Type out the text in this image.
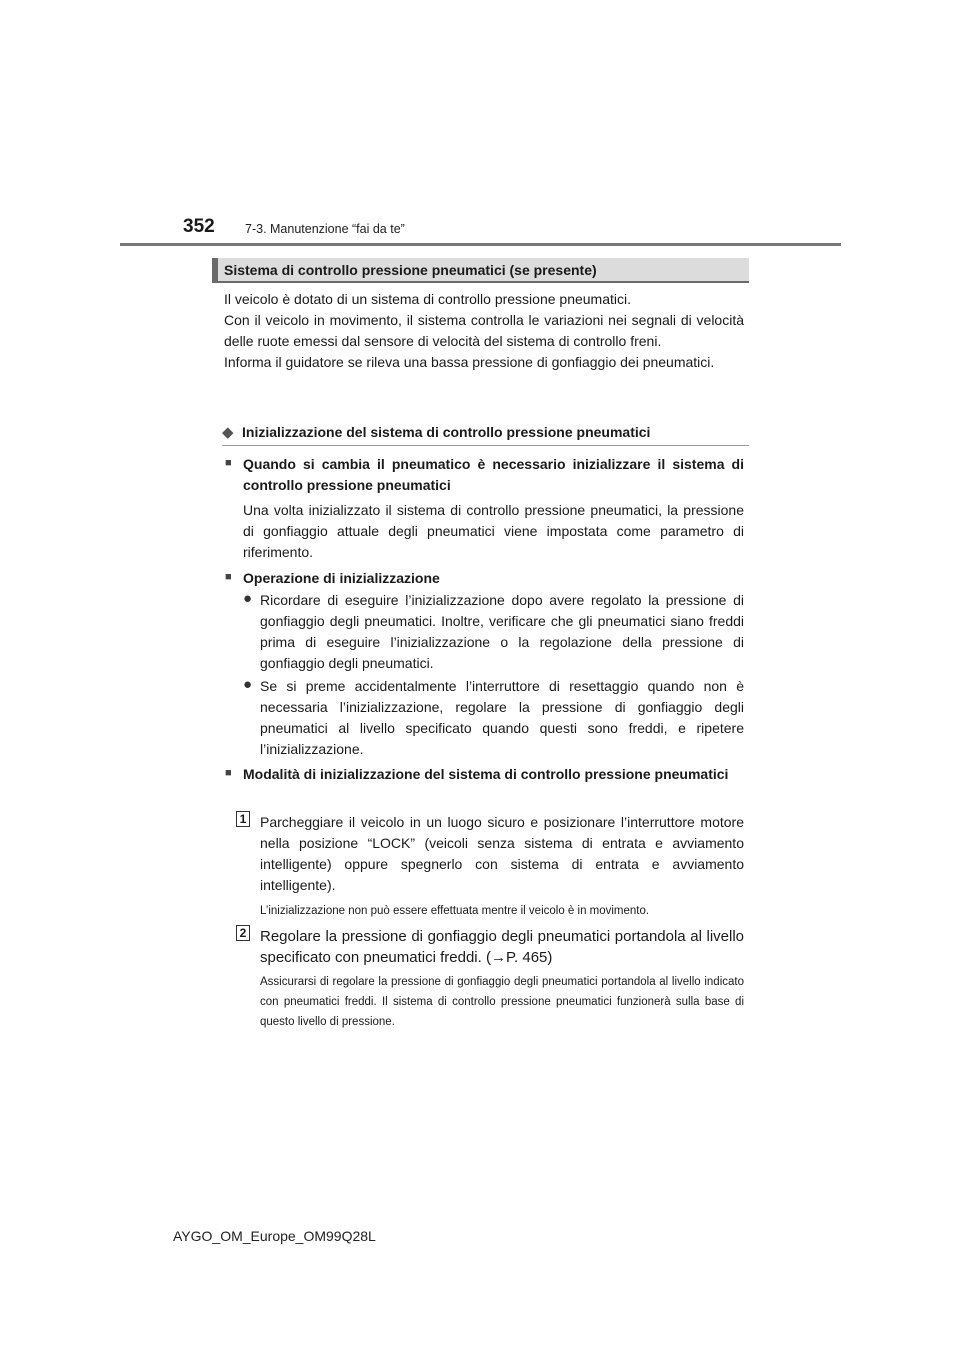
352 7-3. Manutenzione “fai da te”
Sistema di controllo pressione pneumatici (se presente)

Il veicolo è dotato di un sistema di controllo pressione pneumatici.

Con il veicolo in movimento, il sistema controlla le variazioni nei segnali di velocità delle ruote emessi dal sensore di velocità del sistema di controllo freni.

Informa il guidatore se rileva una bassa pressione di gonfiaggio dei pneumatici.

◆ Inizializzazione del sistema di controllo pressione pneumatici
■ Quando si cambia il pneumatico è necessario inizializzare il sistema di controllo pressione pneumatici
Una volta inizializzato il sistema di controllo pressione pneumatici, la pressione di gonfiaggio attuale degli pneumatici viene impostata come parametro di riferimento.
■ Operazione di inizializzazione
● Ricordare di eseguire l’inizializzazione dopo avere regolato la pressione di gonfiaggio degli pneumatici. Inoltre, verificare che gli pneumatici siano freddi prima di eseguire l’inizializzazione o la regolazione della pressione di gonfiaggio degli pneumatici.
● Se si preme accidentalmente l’interruttore di resettaggio quando non è necessaria l’inizializzazione, regolare la pressione di gonfiaggio degli pneumatici al livello specificato quando questi sono freddi, e ripetere l’inizializzazione.
■ Modalità di inizializzazione del sistema di controllo pressione pneumatici
1 Parcheggiare il veicolo in un luogo sicuro e posizionare l’interruttore motore nella posizione “LOCK” (veicoli senza sistema di entrata e avviamento intelligente) oppure spegnerlo con sistema di entrata e avviamento intelligente).
L’inizializzazione non può essere effettuata mentre il veicolo è in movimento.
2 Regolare la pressione di gonfiaggio degli pneumatici portandola al livello specificato con pneumatici freddi. (→P. 465)
Assicurarsi di regolare la pressione di gonfiaggio degli pneumatici portandola al livello indicato con pneumatici freddi. Il sistema di controllo pressione pneumatici funzionerà sulla base di questo livello di pressione.
AYGO_OM_Europe_OM99Q28L
